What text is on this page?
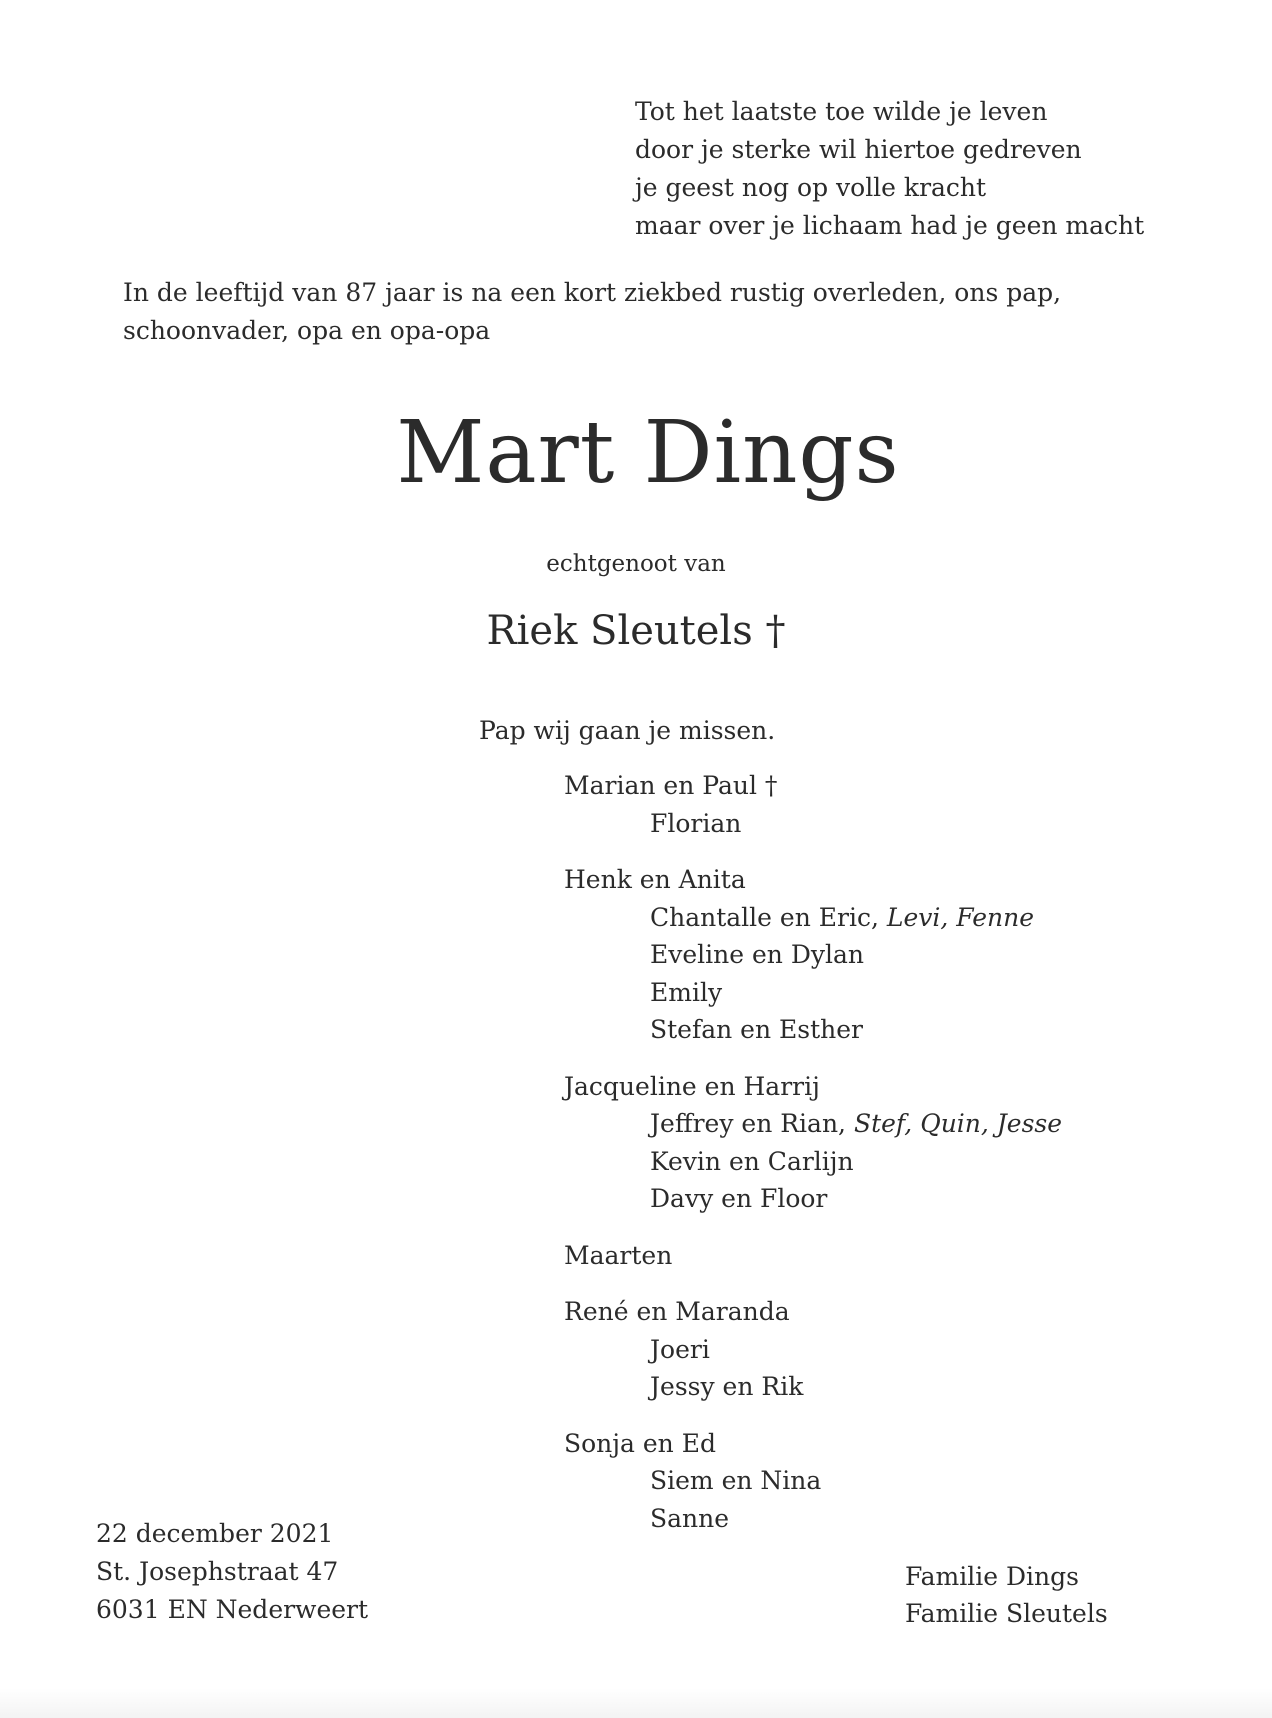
Tot het laatste toe wilde je leven
door je sterke wil hiertoe gedreven
je geest nog op volle kracht
maar over je lichaam had je geen macht
In de leeftijd van 87 jaar is na een kort ziekbed rustig overleden, ons pap,
schoonvader, opa en opa-opa
Mart Dings
echtgenoot van
Riek Sleutels †
Pap wij gaan je missen.
Marian en Paul †
Florian
Henk en Anita
Chantalle en Eric, Levi, Fenne
Eveline en Dylan
Emily
Stefan en Esther
Jacqueline en Harrij
Jeffrey en Rian, Stef, Quin, Jesse
Kevin en Carlijn
Davy en Floor
Maarten
René en Maranda
Joeri
Jessy en Rik
Sonja en Ed
Siem en Nina
Sanne
22 december 2021
St. Josephstraat 47
6031 EN Nederweert
Familie Dings
Familie Sleutels
